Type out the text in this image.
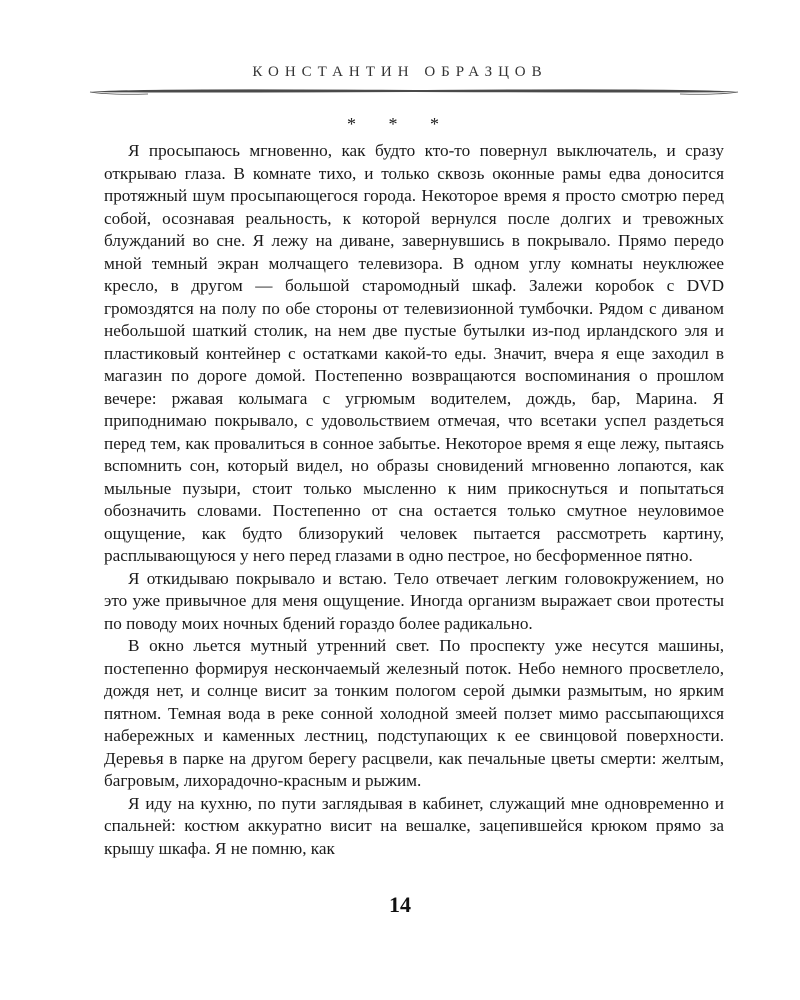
КОНСТАНТИН ОБРАЗЦОВ
* * *

Я просыпаюсь мгновенно, как будто кто-то повернул выключатель, и сразу открываю глаза. В комнате тихо, и только сквозь оконные рамы едва доносится протяжный шум просыпающегося города. Некоторое время я просто смотрю перед собой, осознавая реальность, к которой вернулся после долгих и тревожных блужданий во сне. Я лежу на диване, завернувшись в покрывало. Прямо передо мной темный экран молчащего телевизора. В одном углу комнаты неуклюжее кресло, в другом — большой старомодный шкаф. Залежи коробок с DVD громоздятся на полу по обе стороны от телевизионной тумбочки. Рядом с диваном небольшой шаткий столик, на нем две пустые бутылки из-под ирландского эля и пластиковый контейнер с остатками какой-то еды. Значит, вчера я еще заходил в магазин по дороге домой. Постепенно возвращаются воспоминания о прошлом вечере: ржавая колымага с угрюмым водителем, дождь, бар, Марина. Я приподнимаю покрывало, с удовольствием отмечая, что всетаки успел раздеться перед тем, как провалиться в сонное забытье. Некоторое время я еще лежу, пытаясь вспомнить сон, который видел, но образы сновидений мгновенно лопаются, как мыльные пузыри, стоит только мысленно к ним прикоснуться и попытаться обозначить словами. Постепенно от сна остается только смутное неуловимое ощущение, как будто близорукий человек пытается рассмотреть картину, расплывающуюся у него перед глазами в одно пестрое, но бесформенное пятно.

Я откидываю покрывало и встаю. Тело отвечает легким головокружением, но это уже привычное для меня ощущение. Иногда организм выражает свои протесты по поводу моих ночных бдений гораздо более радикально.

В окно льется мутный утренний свет. По проспекту уже несутся машины, постепенно формируя нескончаемый железный поток. Небо немного просветлело, дождя нет, и солнце висит за тонким пологом серой дымки размытым, но ярким пятном. Темная вода в реке сонной холодной змеей ползет мимо рассыпающихся набережных и каменных лестниц, подступающих к ее свинцовой поверхности. Деревья в парке на другом берегу расцвели, как печальные цветы смерти: желтым, багровым, лихорадочно-красным и рыжим.

Я иду на кухню, по пути заглядывая в кабинет, служащий мне одновременно и спальней: костюм аккуратно висит на вешалке, зацепившейся крюком прямо за крышу шкафа. Я не помню, как

14
